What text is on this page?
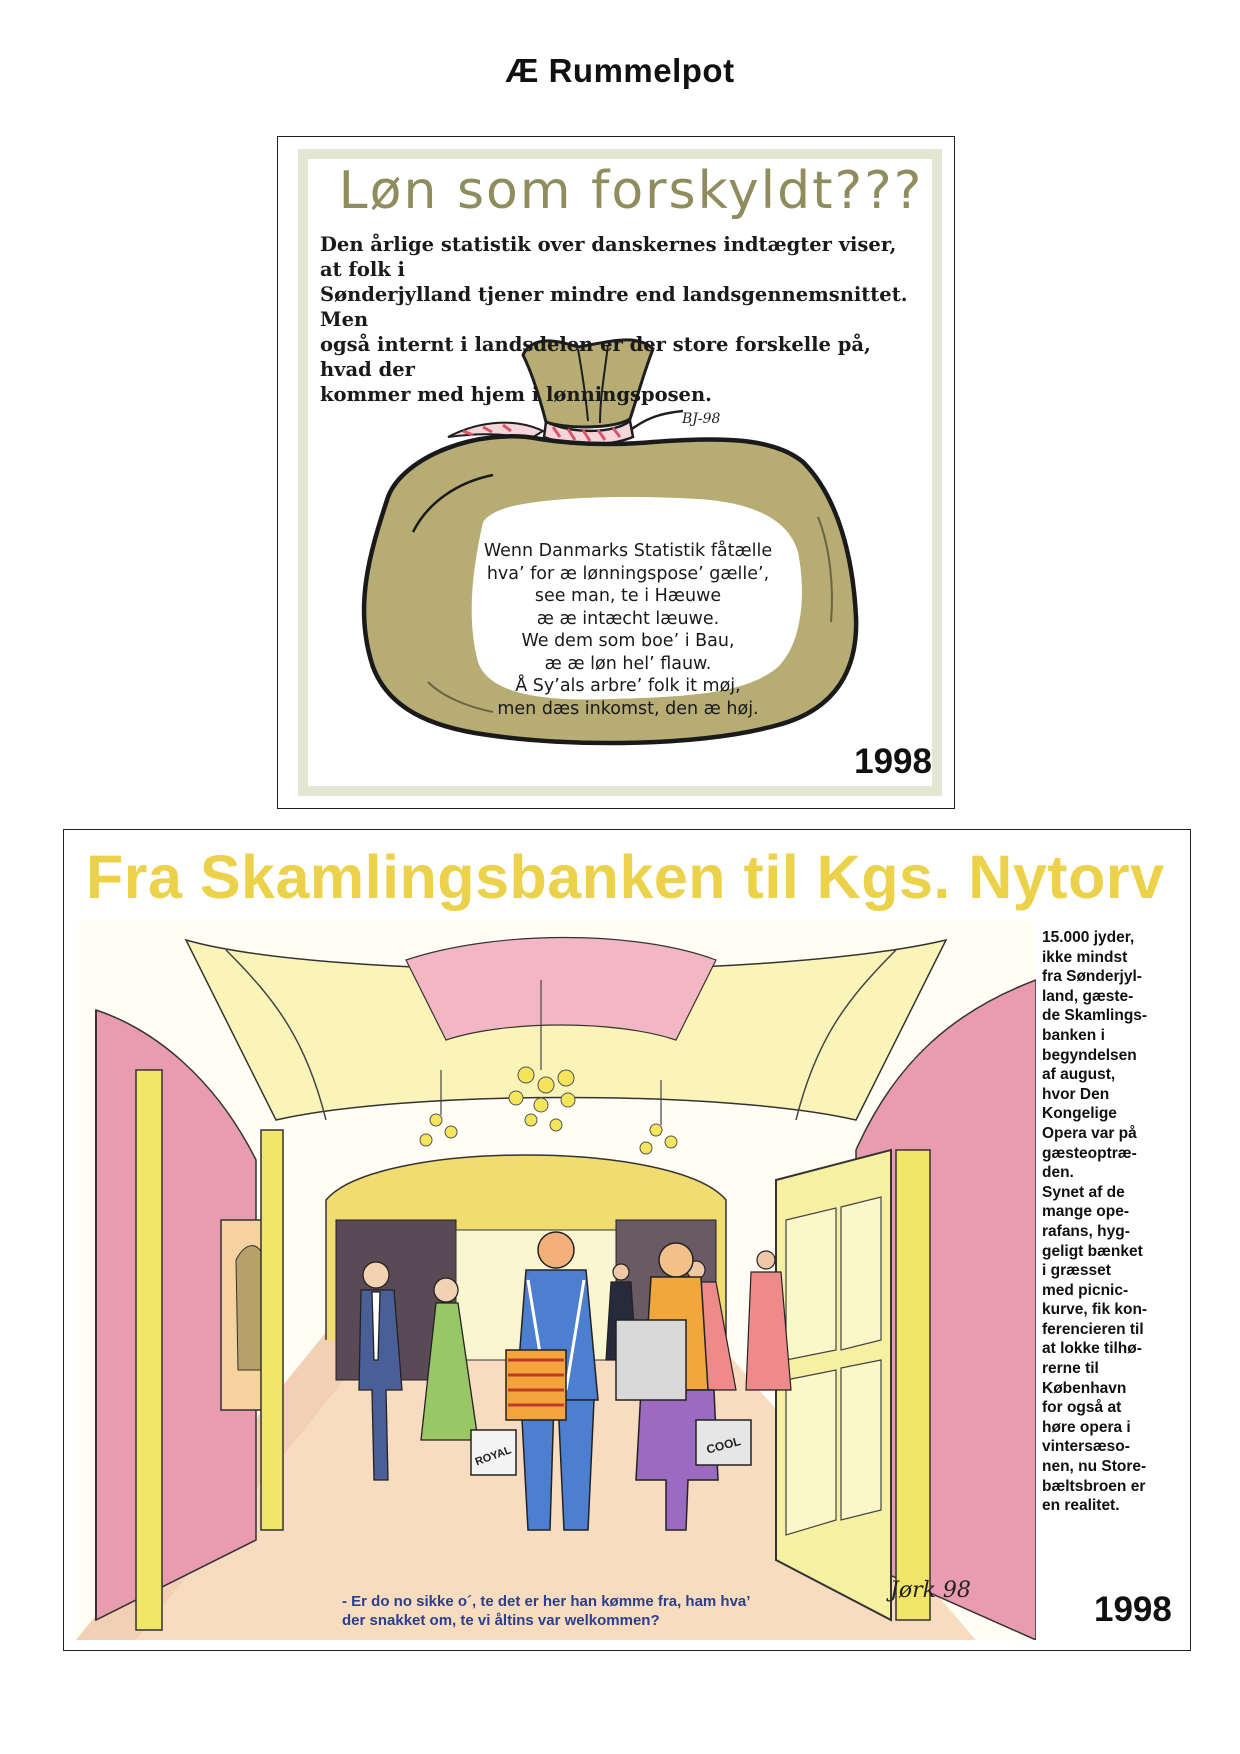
Æ Rummelpot
BJ-98
Løn som forskyldt???
Den årlige statistik over danskernes indtægter viser, at folk i
Sønderjylland tjener mindre end landsgennemsnittet. Men
også internt i landsdelen er der store forskelle på, hvad der
kommer med hjem i lønningsposen.
Wenn Danmarks Statistik fåtælle
hva’ for æ lønningspose’ gælle’,
see man, te i Hæuwe
æ æ intæcht læuwe.
We dem som boe’ i Bau,
æ æ løn hel’ flauw.
Å Sy’als arbre’ folk it møj,
men dæs inkomst, den æ høj.
1998
Fra Skamlingsbanken til Kgs. Nytorv
ROYAL	COOL
15.000 jyder,
ikke mindst
fra Sønderjyl-
land, gæste-
de Skamlings-
banken i
begyndelsen
af august,
hvor Den
Kongelige
Opera var på
gæsteoptræ-
den.
Synet af de
mange ope-
rafans, hyg-
geligt bænket
i græsset
med picnic-
kurve, fik kon-
ferencieren til
at lokke tilhø-
rerne til
København
for også at
høre opera i
vintersæso-
nen, nu Store-
bæltsbroen er
en realitet.
- Er do no sikke o´, te det er her han kømme fra, ham hva’
der snakket om, te vi åltins var welkommen?
Jørk 98	1998
